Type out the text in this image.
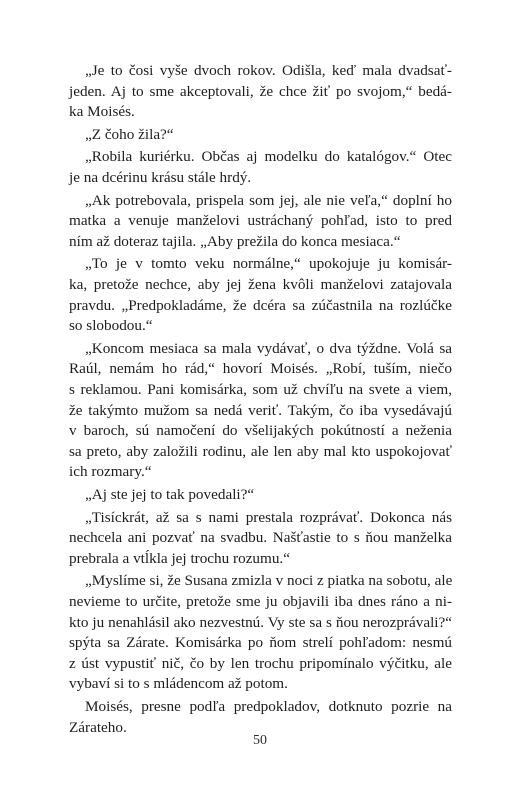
„Je to čosi vyše dvoch rokov. Odišla, keď mala dvadsať-
jeden. Aj to sme akceptovali, že chce žiť po svojom,“ bedá-
ka Moisés.
„Z čoho žila?“
„Robila kuriérku. Občas aj modelku do katalógov.“ Otec
je na dcérinu krásu stále hrdý.
„Ak potrebovala, prispela som jej, ale nie veľa,“ doplní ho
matka a venuje manželovi ustráchaný pohľad, isto to pred
ním až doteraz tajila. „Aby prežila do konca mesiaca.“
„To je v tomto veku normálne,“ upokojuje ju komisár-
ka, pretože nechce, aby jej žena kvôli manželovi zatajovala
pravdu. „Predpokladáme, že dcéra sa zúčastnila na rozlúčke
so slobodou.“
„Koncom mesiaca sa mala vydávať, o dva týždne. Volá sa
Raúl, nemám ho rád,“ hovorí Moisés. „Robí, tuším, niečo
s reklamou. Pani komisárka, som už chvíľu na svete a viem,
že takýmto mužom sa nedá veriť. Takým, čo iba vysedávajú
v baroch, sú namočení do všelijakých pokútností a neženia
sa preto, aby založili rodinu, ale len aby mal kto uspokojovať
ich rozmary.“
„Aj ste jej to tak povedali?“
„Tisíckrát, až sa s nami prestala rozprávať. Dokonca nás
nechcela ani pozvať na svadbu. Našťastie to s ňou manželka
prebrala a vtĺkla jej trochu rozumu.“
„Myslíme si, že Susana zmizla v noci z piatka na sobotu, ale
nevieme to určite, pretože sme ju objavili iba dnes ráno a ni-
kto ju nenahlásil ako nezvestnú. Vy ste sa s ňou nerozprávali?“
spýta sa Zárate. Komisárka po ňom strelí pohľadom: nesmú
z úst vypustiť nič, čo by len trochu pripomínalo výčitku, ale
vybaví si to s mládencom až potom.
Moisés, presne podľa predpokladov, dotknuto pozrie na
Zárateho.
50
